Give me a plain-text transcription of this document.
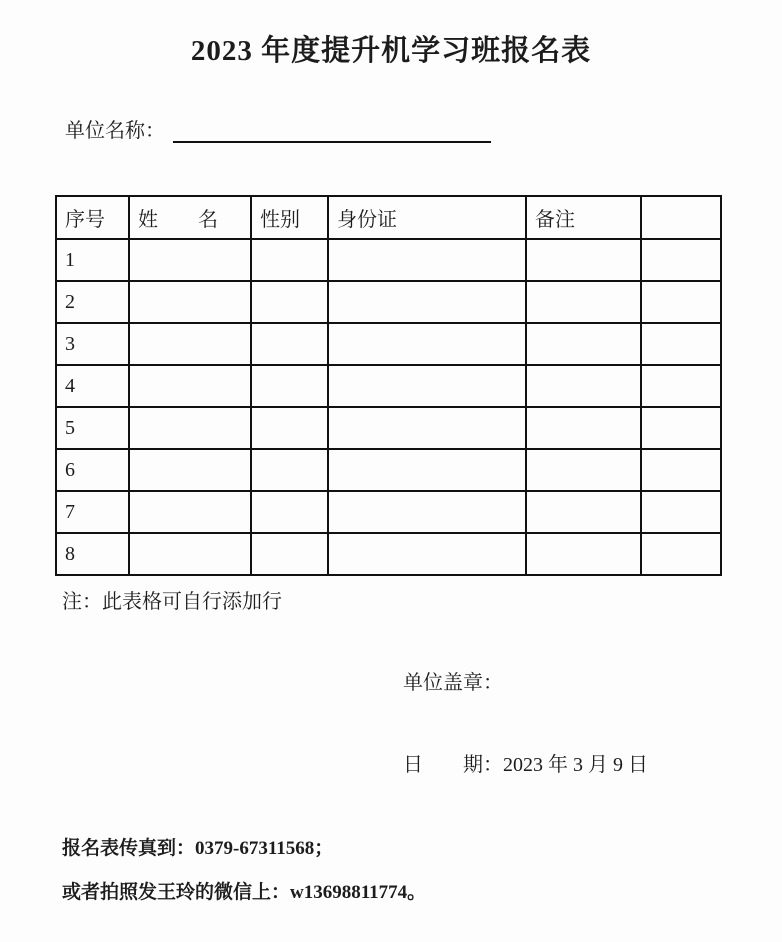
2023 年度提升机学习班报名表
单位名称：
序号	姓　　名	性别	身份证	备注	
1					
2					
3					
4					
5					
6					
7					
8					
注：此表格可自行添加行
单位盖章：
日　　期：2023 年 3 月 9 日
报名表传真到：0379-67311568；
或者拍照发王玲的微信上：w13698811774。
